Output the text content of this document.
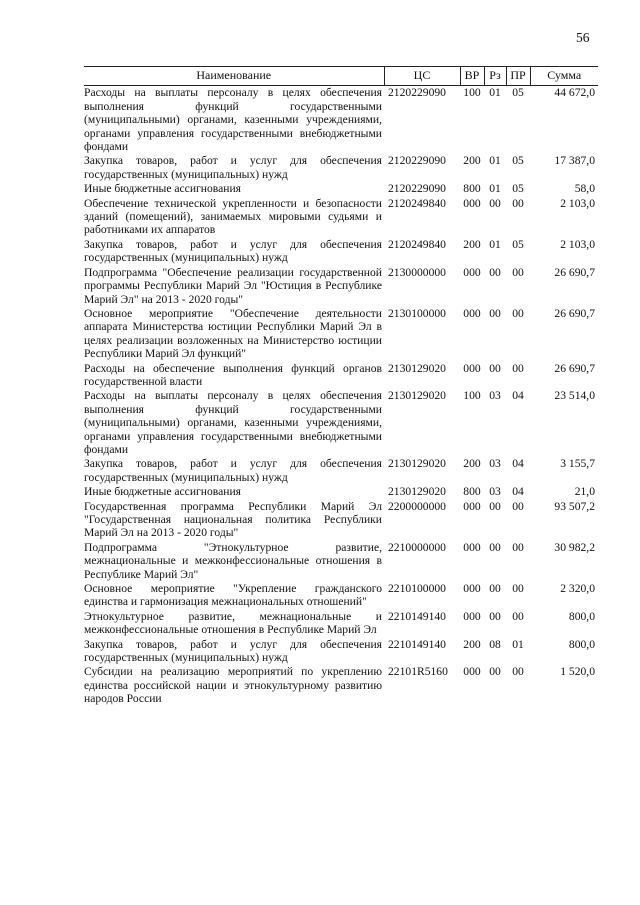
56
Наименование	ЦС	ВР	Рз	ПР	Сумма
Расходы на выплаты персоналу в целях обеспечения выполнения функций государственными (муниципальными) органами, казенными учреждениями, органами управления государственными внебюджетными фондами	2120229090	100	01	05	44 672,0
Закупка товаров, работ и услуг для обеспечения государственных (муниципальных) нужд	2120229090	200	01	05	17 387,0
Иные бюджетные ассигнования	2120229090	800	01	05	58,0
Обеспечение технической укрепленности и безопасности зданий (помещений), занимаемых мировыми судьями и работниками их аппаратов	2120249840	000	00	00	2 103,0
Закупка товаров, работ и услуг для обеспечения государственных (муниципальных) нужд	2120249840	200	01	05	2 103,0
Подпрограмма "Обеспечение реализации государственной программы Республики Марий Эл "Юстиция в Республике Марий Эл" на 2013 - 2020 годы"	2130000000	000	00	00	26 690,7
Основное мероприятие "Обеспечение деятельности аппарата Министерства юстиции Республики Марий Эл в целях реализации возложенных на Министерство юстиции Республики Марий Эл функций"	2130100000	000	00	00	26 690,7
Расходы на обеспечение выполнения функций органов государственной власти	2130129020	000	00	00	26 690,7
Расходы на выплаты персоналу в целях обеспечения выполнения функций государственными (муниципальными) органами, казенными учреждениями, органами управления государственными внебюджетными фондами	2130129020	100	03	04	23 514,0
Закупка товаров, работ и услуг для обеспечения государственных (муниципальных) нужд	2130129020	200	03	04	3 155,7
Иные бюджетные ассигнования	2130129020	800	03	04	21,0
Государственная программа Республики Марий Эл "Государственная национальная политика Республики Марий Эл на 2013 - 2020 годы"	2200000000	000	00	00	93 507,2
Подпрограмма "Этнокультурное развитие, межнациональные и межконфессиональные отношения в Республике Марий Эл"	2210000000	000	00	00	30 982,2
Основное мероприятие "Укрепление гражданского единства и гармонизация межнациональных отношений"	2210100000	000	00	00	2 320,0
Этнокультурное развитие, межнациональные и межконфессиональные отношения в Республике Марий Эл	2210149140	000	00	00	800,0
Закупка товаров, работ и услуг для обеспечения государственных (муниципальных) нужд	2210149140	200	08	01	800,0
Субсидии на реализацию мероприятий по укреплению единства российской нации и этнокультурному развитию народов России	22101R5160	000	00	00	1 520,0
